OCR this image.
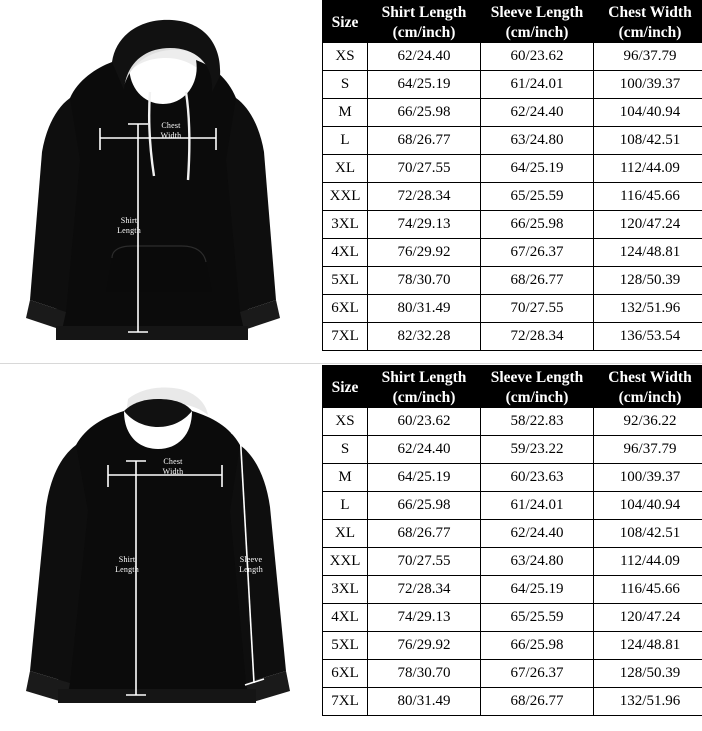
Chest
Width
Shirt
Length
Size	Shirt Length	Sleeve Length	Chest Width
	(cm/inch)	(cm/inch)	(cm/inch)
XS	62/24.40	60/23.62	96/37.79
S	64/25.19	61/24.01	100/39.37
M	66/25.98	62/24.40	104/40.94
L	68/26.77	63/24.80	108/42.51
XL	70/27.55	64/25.19	112/44.09
XXL	72/28.34	65/25.59	116/45.66
3XL	74/29.13	66/25.98	120/47.24
4XL	76/29.92	67/26.37	124/48.81
5XL	78/30.70	68/26.77	128/50.39
6XL	80/31.49	70/27.55	132/51.96
7XL	82/32.28	72/28.34	136/53.54
Chest
Width
Shirt
Length
Sleeve
Length
Size	Shirt Length	Sleeve Length	Chest Width
	(cm/inch)	(cm/inch)	(cm/inch)
XS	60/23.62	58/22.83	92/36.22
S	62/24.40	59/23.22	96/37.79
M	64/25.19	60/23.63	100/39.37
L	66/25.98	61/24.01	104/40.94
XL	68/26.77	62/24.40	108/42.51
XXL	70/27.55	63/24.80	112/44.09
3XL	72/28.34	64/25.19	116/45.66
4XL	74/29.13	65/25.59	120/47.24
5XL	76/29.92	66/25.98	124/48.81
6XL	78/30.70	67/26.37	128/50.39
7XL	80/31.49	68/26.77	132/51.96
